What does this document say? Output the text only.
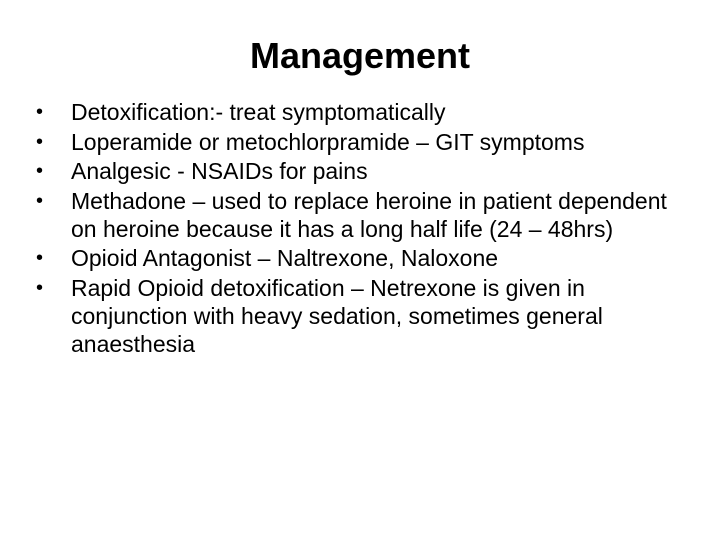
Management
•	Detoxification:- treat symptomatically
•	Loperamide or metochlorpramide – GIT symptoms
•	Analgesic - NSAIDs for pains
•	Methadone – used to replace heroine in patient dependent on heroine because it has a long half life (24 – 48hrs)
•	Opioid Antagonist – Naltrexone, Naloxone
•	Rapid Opioid detoxification – Netrexone is given in conjunction with heavy sedation, sometimes general anaesthesia
